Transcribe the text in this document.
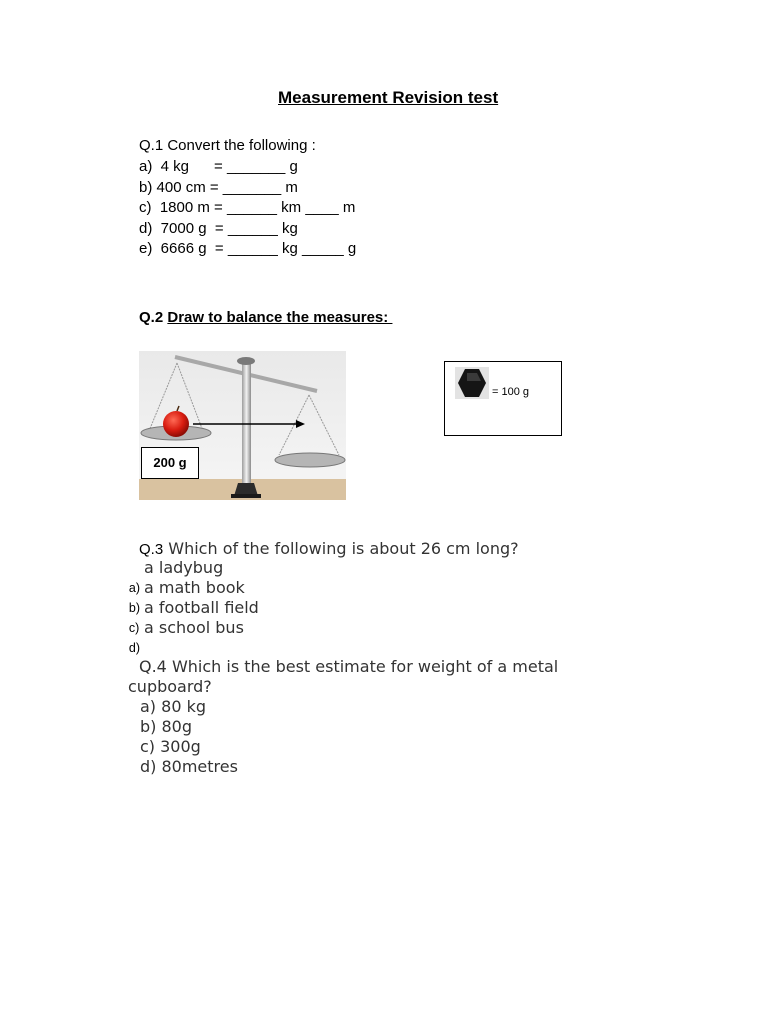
Measurement Revision test
Q.1 Convert the following :
a)  4 kg      = _______ g
b) 400 cm = _______ m
c)  1800 m = ______ km ____ m
d)  7000 g  = ______ kg
e)  6666 g  = ______ kg _____ g
Q.2 Draw to balance the measures:
200 g
= 100 g
Q.3 Which of the following is about 26 cm long?

a)

a ladybug

b)

a math book

c)

a football field

d)

a school bus
Q.4 Which is the best estimate for weight of a metal
cupboard?
a) 80 kg
b) 80g
c) 300g
d) 80metres
